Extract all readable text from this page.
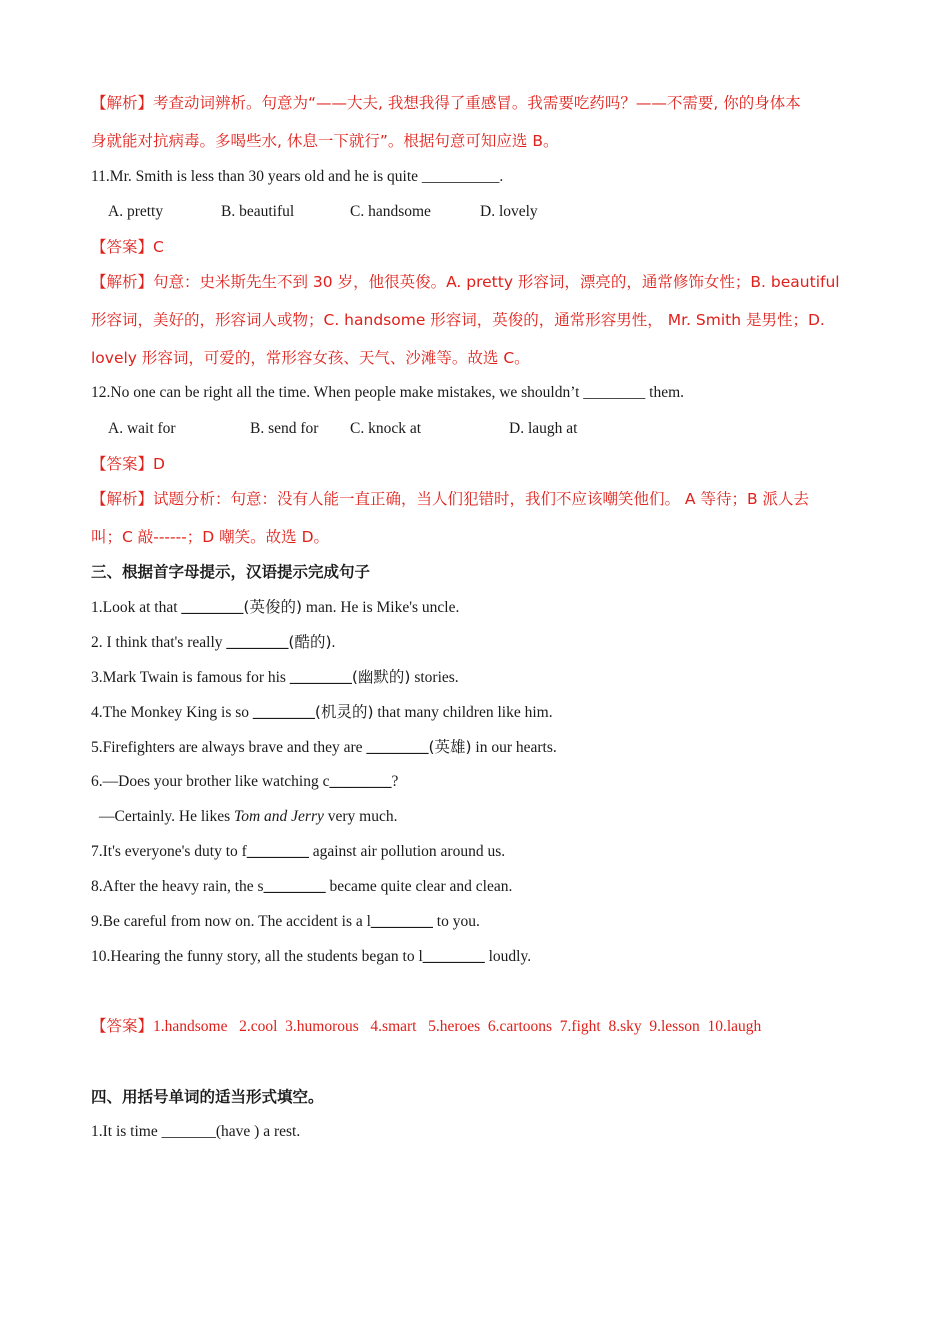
【解析】考查动词辨析。句意为“——大夫, 我想我得了重感冒。我需要吃药吗？——不需要, 你的身体本
身就能对抗病毒。多喝些水, 休息一下就行”。根据句意可知应选 B。
11.Mr. Smith is less than 30 years old and he is quite __________.
A. pretty	B. beautiful	C. handsome	D. lovely
【答案】C
【解析】句意：史米斯先生不到 30 岁，他很英俊。A. pretty 形容词，漂亮的，通常修饰女性；B. beautiful
形容词，美好的，形容词人或物；C. handsome 形容词，英俊的，通常形容男性， Mr. Smith 是男性；D.
lovely 形容词，可爱的，常形容女孩、天气、沙滩等。故选 C。
12.No one can be right all the time. When people make mistakes, we shouldn’t ________ them.
A. wait for	B. send for C. knock at	D. laugh at
【答案】D
【解析】试题分析：句意：没有人能一直正确，当人们犯错时，我们不应该嘲笑他们。 A 等待；B 派人去
叫；C 敲------；D 嘲笑。故选 D。
三、根据首字母提示，汉语提示完成句子
1.Look at that ________(英俊的) man. He is Mike's uncle.
2. I think that's really ________(酷的).
3.Mark Twain is famous for his ________(幽默的) stories.
4.The Monkey King is so ________(机灵的) that many children like him.
5.Firefighters are always brave and they are ________(英雄) in our hearts.
6.—Does your brother like watching c________?
—Certainly. He likes Tom and Jerry very much.
7.It's everyone's duty to f________ against air pollution around us.
8.After the heavy rain, the s________ became quite clear and clean.
9.Be careful from now on. The accident is a l________ to you.
10.Hearing the funny story, all the students began to l________ loudly.
【答案】1.handsome   2.cool  3.humorous   4.smart   5.heroes  6.cartoons  7.fight  8.sky  9.lesson  10.laugh
四、用括号单词的适当形式填空。
1.It is time _______(have ) a rest.
